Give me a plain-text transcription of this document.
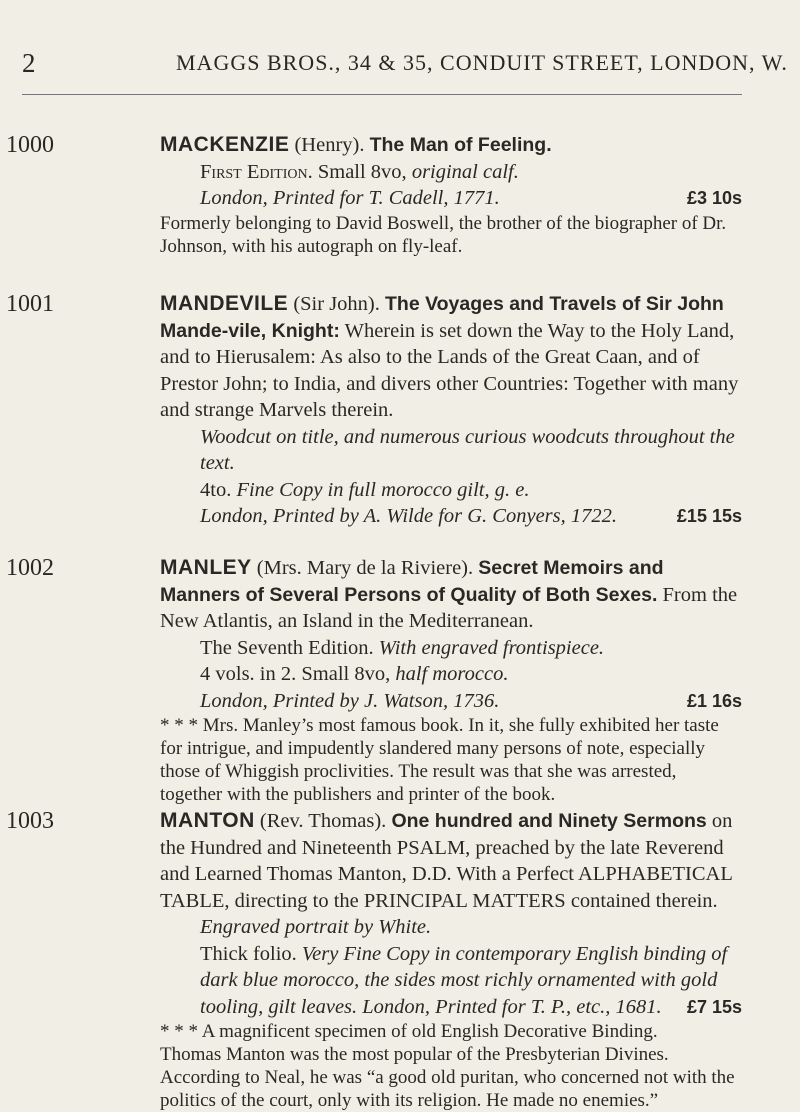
2	MAGGS BROS., 34 & 35, CONDUIT STREET, LONDON, W.
1000	MACKENZIE (Henry). The Man of Feeling.
First Edition. Small 8vo, original calf.
London, Printed for T. Cadell, 1771.	£3 10s
Formerly belonging to David Boswell, the brother of the biographer of Dr. Johnson, with his autograph on fly-leaf.
1001	MANDEVILE (Sir John). The Voyages and Travels of Sir John Mande-vile, Knight: Wherein is set down the Way to the Holy Land, and to Hierusalem: As also to the Lands of the Great Caan, and of Prestor John; to India, and divers other Countries: Together with many and strange Marvels therein.
Woodcut on title, and numerous curious woodcuts throughout the text.
4to. Fine Copy in full morocco gilt, g. e.
London, Printed by A. Wilde for G. Conyers, 1722.	£15 15s
1002	MANLEY (Mrs. Mary de la Riviere). Secret Memoirs and Manners of Several Persons of Quality of Both Sexes. From the New Atlantis, an Island in the Mediterranean.
The Seventh Edition. With engraved frontispiece.
4 vols. in 2. Small 8vo, half morocco.
London, Printed by J. Watson, 1736.	£1 16s
* * * Mrs. Manley’s most famous book. In it, she fully exhibited her taste for intrigue, and impudently slandered many persons of note, especially those of Whiggish proclivities. The result was that she was arrested, together with the publishers and printer of the book.
1003	MANTON (Rev. Thomas). One hundred and Ninety Sermons on the Hundred and Nineteenth PSALM, preached by the late Reverend and Learned Thomas Manton, D.D. With a Perfect ALPHABETICAL TABLE, directing to the PRINCIPAL MATTERS contained therein.
Engraved portrait by White.
Thick folio. Very Fine Copy in contemporary English binding of dark blue morocco, the sides most richly ornamented with gold tooling, gilt leaves. London, Printed for T. P., etc., 1681. £7 15s
* * * A magnificent specimen of old English Decorative Binding.
Thomas Manton was the most popular of the Presbyterian Divines. According to Neal, he was “a good old puritan, who concerned not with the politics of the court, only with its religion. He made no enemies.”
